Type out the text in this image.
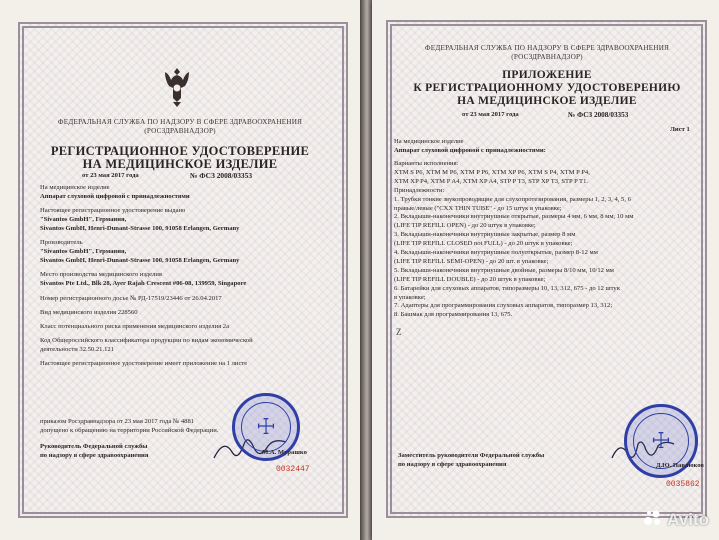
ФЕДЕРАЛЬНАЯ СЛУЖБА ПО НАДЗОРУ В СФЕРЕ ЗДРАВООХРАНЕНИЯ
(РОСЗДРАВНАДЗОР)
РЕГИСТРАЦИОННОЕ УДОСТОВЕРЕНИЕ
НА МЕДИЦИНСКОЕ ИЗДЕЛИЕ
от 23 мая 2017 года	№ ФСЗ 2008/03353
На медицинское изделие
Аппарат слуховой цифровой с принадлежностями
Настоящее регистрационное удостоверение выдано
"Sivantos GmbH", Германия,
Sivantos GmbH, Henri-Dunant-Strasse 100, 91058 Erlangen, Germany
Производитель
"Sivantos GmbH", Германия,
Sivantos GmbH, Henri-Dunant-Strasse 100, 91058 Erlangen, Germany
Место производства медицинского изделия
Sivantos Pte Ltd., Blk 28, Ayer Rajah Crescent #06-08, 139959, Singapore
Номер регистрационного досье № РД-17519/23446 от 26.04.2017
Вид медицинского изделия 228560
Класс потенциального риска применения медицинского изделия 2а
Код Общероссийского классификатора продукции по видам экономической
деятельности 32.50.21.121
Настоящее регистрационное удостоверение имеет приложение на 1 листе
приказом Росздравнадзора от 23 мая 2017 года № 4881
допущено к обращению на территории Российской Федерации.
Руководитель Федеральной службы
по надзору в сфере здравоохранения
☩
М.А. Мурашко
0032447
ФЕДЕРАЛЬНАЯ СЛУЖБА ПО НАДЗОРУ В СФЕРЕ ЗДРАВООХРАНЕНИЯ
(РОСЗДРАВНАДЗОР)
ПРИЛОЖЕНИЕ
К РЕГИСТРАЦИОННОМУ УДОСТОВЕРЕНИЮ
НА МЕДИЦИНСКОЕ ИЗДЕЛИЕ
от 23 мая 2017 года	№ ФСЗ 2008/03353
Лист 1
На медицинское изделие
Аппарат слуховой цифровой с принадлежностями:
Варианты исполнения:
XTM S P6, XTM M P6, XTM P P6, XTM XP P6, XTM S P4, XTM P P4,
XTM XP P4, XTM P A4, XTM XP A4, STP P T3, STP XP T3, STP P T1.
Принадлежности:
1. Трубки тонкие звукопроводящие для слухопротезирования, размеры 1, 2, 3, 4, 5, 6
правые/левые ("CXX THIN TUBE" - до 15 штук в упаковке;
2. Вкладыши-наконечники внутриушные открытые, размеры 4 мм, 6 мм, 8 мм, 10 мм
(LIFE TIP REFILL OPEN) - до 20 штук в упаковке;
3. Вкладыши-наконечники внутриушные закрытые, размер 8 мм
(LIFE TIP REFILL CLOSED not FULL) - до 20 штук в упаковке;
4. Вкладыши-наконечники внутриушные полуоткрытые, размер 8-12 мм
(LIFE TIP REFILL SEMI-OPEN) - до 20 шт. в упаковке;
5. Вкладыши-наконечники внутриушные двойные, размеры 8/10 мм, 10/12 мм
(LIFE TIP REFILL DOUBLE) - до 20 штук в упаковке;
6. Батарейки для слуховых аппаратов, типоразмеры 10, 13, 312, 675 - до 12 штук
в упаковке;
7. Адаптеры для программирования слуховых аппаратов, типоразмер 13, 312;
8. Башмак для программирования 13, 675.
Z
Заместитель руководителя Федеральной службы
по надзору в сфере здравоохранения
☩
Д.Ю. Павлюков
0035862
Avito
